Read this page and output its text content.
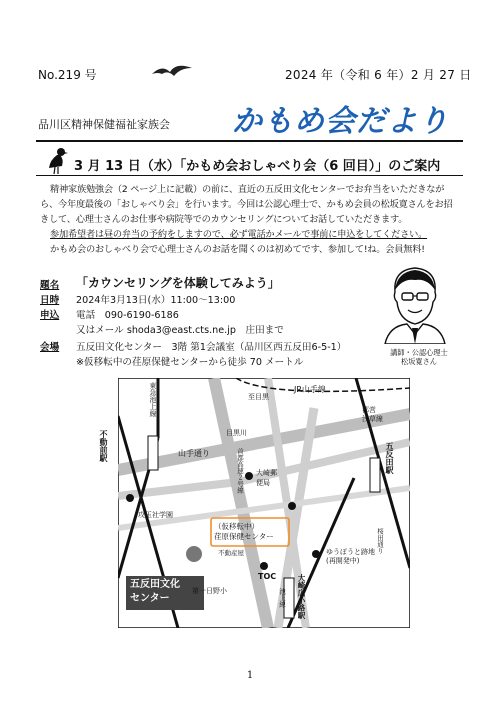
No.219 号	2024 年（令和 6 年）2 月 27 日
品川区精神保健福祉家族会 かもめ会だより
3 月 13 日（水）「かもめ会おしゃべり会（6 回目）」のご案内
精神家族勉強会（2 ページ上に記載）の前に、直近の五反田文化センターでお弁当をいただきながら、今年度最後の「おしゃべり会」を行います。今回は公認心理士で、かもめ会員の松坂寛さんをお招きして、心理士さんのお仕事や病院等でのカウンセリングについてお話していただきます。
参加希望者は昼の弁当の予約をしますので、必ず電話かメールで事前に申込をしてください。
かもめ会のおしゃべり会で心理士さんのお話を聞くのは初めてです、参加して!ね。会員無料!
題名 「カウンセリングを体験してみよう」
日時 2024年3月13日(水）11:00～13:00
申込 電話　090-6190-6186
又はメール shoda3@east.cts.ne.jp　庄田まで
会場 五反田文化センター　3階 第1会議室（品川区西五反田6-5-1）
※仮移転中の荏原保健センターから徒歩 70 メートル
講師・公認心理士
松坂寛さん
東急池上線	至目黒
JR山手線
目黒川
山手通り
都営
浅草線
不動前駅	五反田駅
大崎郵便局
首都高速２号線
攻玉社学園
（仮移転中）
荏原保健センター
不動産屋
TOC
第一日野小
五反田文化
センター
ゆうぽうと跡地
(再開発中)
大崎広小路駅
池上線
桜田通り
1
